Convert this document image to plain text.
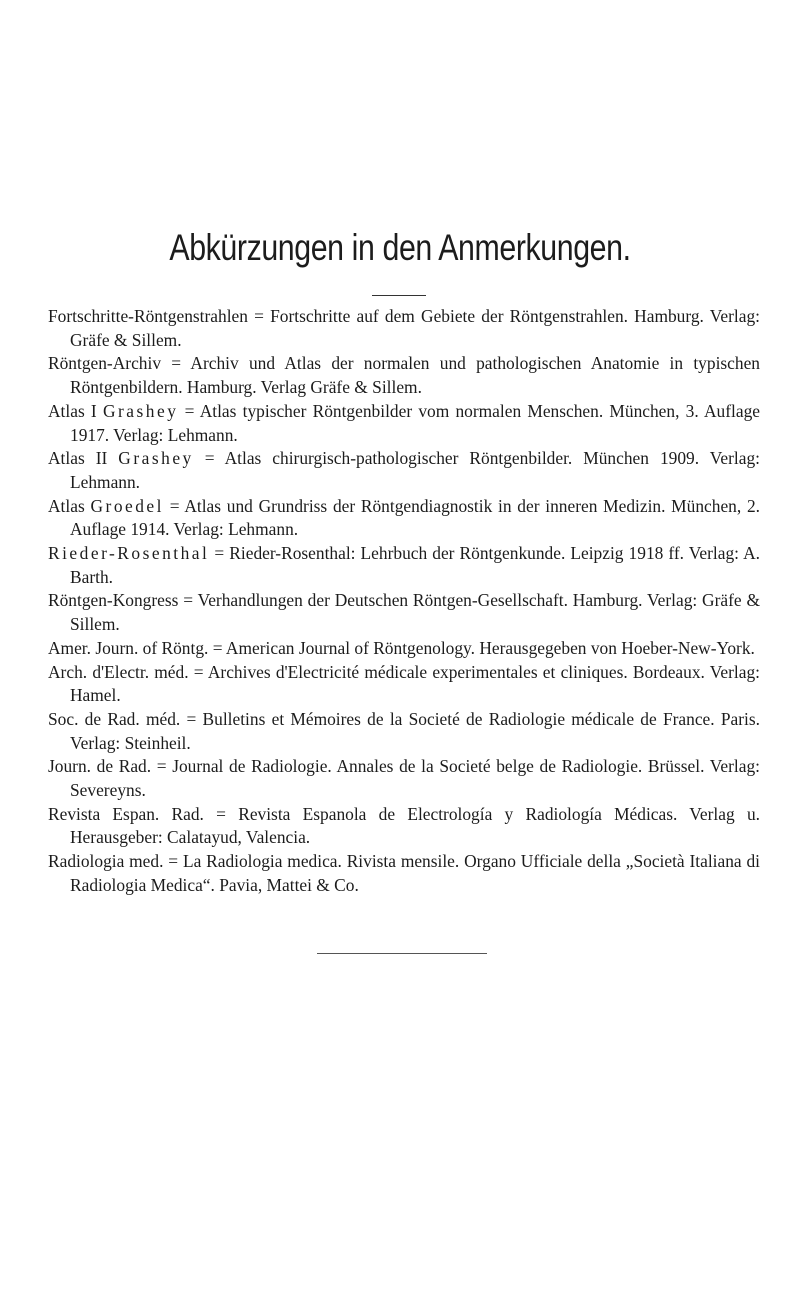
Abkürzungen in den Anmerkungen.
Fortschritte-Röntgenstrahlen = Fortschritte auf dem Gebiete der Röntgenstrahlen. Hamburg. Verlag: Gräfe & Sillem.
Röntgen-Archiv = Archiv und Atlas der normalen und pathologischen Anatomie in typischen Röntgenbildern. Hamburg. Verlag Gräfe & Sillem.
Atlas I Grashey = Atlas typischer Röntgenbilder vom normalen Menschen. München, 3. Auflage 1917. Verlag: Lehmann.
Atlas II Grashey = Atlas chirurgisch-pathologischer Röntgenbilder. München 1909. Verlag: Lehmann.
Atlas Groedel = Atlas und Grundriss der Röntgendiagnostik in der inneren Medizin. München, 2. Auflage 1914. Verlag: Lehmann.
Rieder-Rosenthal = Rieder-Rosenthal: Lehrbuch der Röntgenkunde. Leipzig 1918 ff. Verlag: A. Barth.
Röntgen-Kongress = Verhandlungen der Deutschen Röntgen-Gesellschaft. Hamburg. Verlag: Gräfe & Sillem.
Amer. Journ. of Röntg. = American Journal of Röntgenology. Herausgegeben von Hoeber-New-York.
Arch. d'Electr. méd. = Archives d'Electricité médicale experimentales et cliniques. Bordeaux. Verlag: Hamel.
Soc. de Rad. méd. = Bulletins et Mémoires de la Societé de Radiologie médicale de France. Paris. Verlag: Steinheil.
Journ. de Rad. = Journal de Radiologie. Annales de la Societé belge de Radiologie. Brüssel. Verlag: Severeyns.
Revista Espan. Rad. = Revista Espanola de Electrología y Radiología Médicas. Verlag u. Herausgeber: Calatayud, Valencia.
Radiologia med. = La Radiologia medica. Rivista mensile. Organo Ufficiale della „Società Italiana di Radiologia Medica“. Pavia, Mattei & Co.
